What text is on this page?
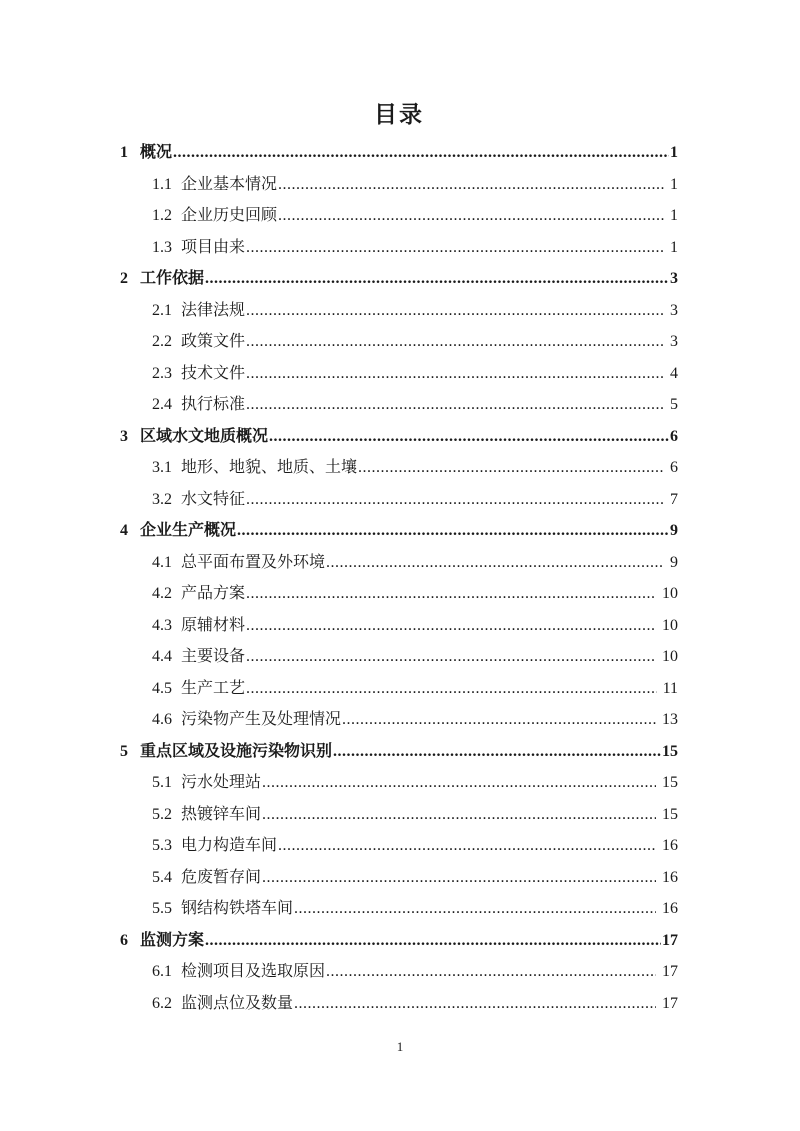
目录
1 概况 .....	1
1.1 企业基本情况 .....	1
1.2 企业历史回顾 .....	1
1.3 项目由来 .....	1
2 工作依据 .....	3
2.1 法律法规 .....	3
2.2 政策文件 .....	3
2.3 技术文件 .....	4
2.4 执行标准 .....	5
3 区域水文地质概况 .....	6
3.1 地形、地貌、地质、土壤 .....	6
3.2 水文特征 .....	7
4 企业生产概况 .....	9
4.1 总平面布置及外环境 .....	9
4.2 产品方案 .....	10
4.3 原辅材料 .....	10
4.4 主要设备 .....	10
4.5 生产工艺 .....	11
4.6 污染物产生及处理情况 .....	13
5 重点区域及设施污染物识别 .....	15
5.1 污水处理站 .....	15
5.2 热镀锌车间 .....	15
5.3 电力构造车间 .....	16
5.4 危废暂存间 .....	16
5.5 钢结构铁塔车间 .....	16
6 监测方案 .....	17
6.1 检测项目及选取原因 .....	17
6.2 监测点位及数量 .....	17
1
